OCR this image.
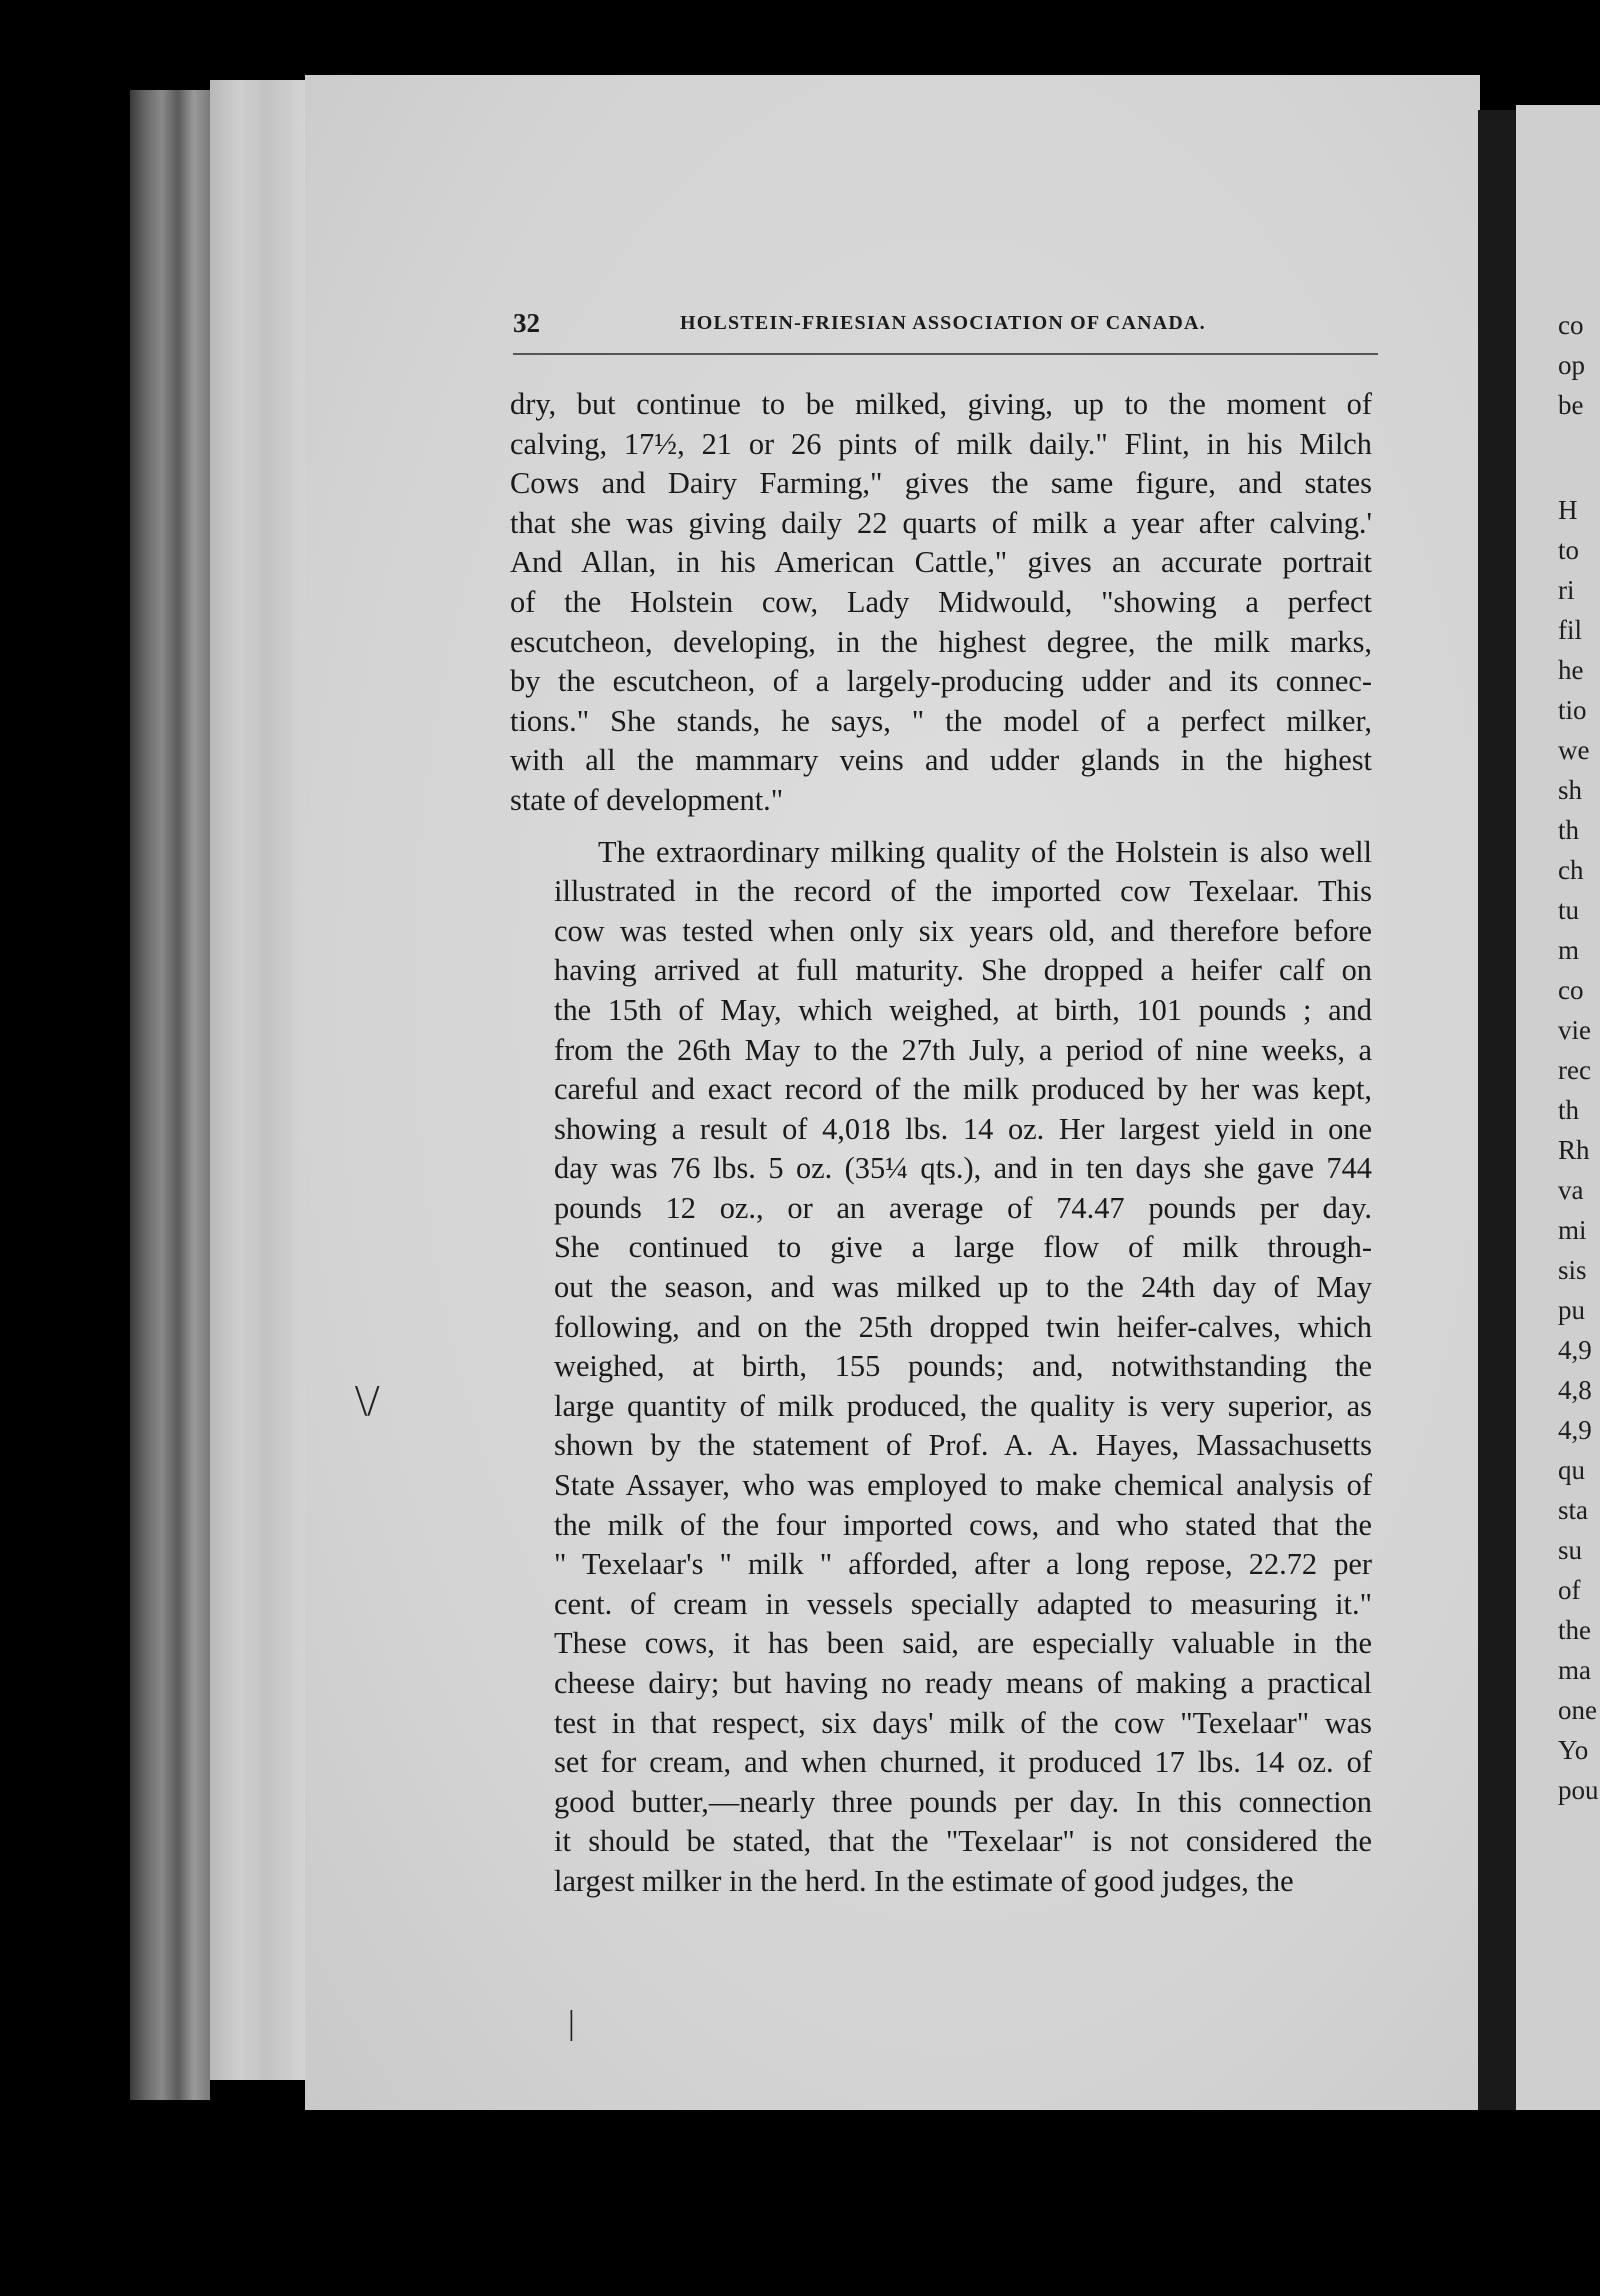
co
op
be
H
to
ri
fil
he
tio
we
sh
th
ch
tu
m
co
vie
rec
th
Rh
va
mi
sis
pu
4,9
4,8
4,9
qu
sta
su
of
the
ma
one
Yo
pou
32	HOLSTEIN-FRIESIAN ASSOCIATION OF CANADA.
dry, but continue to be milked, giving, up to the moment of
calving, 17½, 21 or 26 pints of milk daily." Flint, in his Milch
Cows and Dairy Farming," gives the same figure, and states
that she was giving daily 22 quarts of milk a year after calving.'
And Allan, in his American Cattle," gives an accurate portrait
of the Holstein cow, Lady Midwould, "showing a perfect
escutcheon, developing, in the highest degree, the milk marks,
by the escutcheon, of a largely-producing udder and its connec-
tions." She stands, he says, " the model of a perfect milker,
with all the mammary veins and udder glands in the highest
state of development."
The extraordinary milking quality of the Holstein is also well
illustrated in the record of the imported cow Texelaar. This
cow was tested when only six years old, and therefore before
having arrived at full maturity. She dropped a heifer calf on
the 15th of May, which weighed, at birth, 101 pounds ; and
from the 26th May to the 27th July, a period of nine weeks, a
careful and exact record of the milk produced by her was kept,
showing a result of 4,018 lbs. 14 oz. Her largest yield in one
day was 76 lbs. 5 oz. (35¼ qts.), and in ten days she gave 744
pounds 12 oz., or an average of 74.47 pounds per day.
She continued to give a large flow of milk through-
out the season, and was milked up to the 24th day of May
following, and on the 25th dropped twin heifer-calves, which
weighed, at birth, 155 pounds; and, notwithstanding the
large quantity of milk produced, the quality is very superior, as
shown by the statement of Prof. A. A. Hayes, Massachusetts
State Assayer, who was employed to make chemical analysis of
the milk of the four imported cows, and who stated that the
" Texelaar's " milk " afforded, after a long repose, 22.72 per
cent. of cream in vessels specially adapted to measuring it."
These cows, it has been said, are especially valuable in the
cheese dairy; but having no ready means of making a practical
test in that respect, six days' milk of the cow "Texelaar" was
set for cream, and when churned, it produced 17 lbs. 14 oz. of
good butter,—nearly three pounds per day. In this connection
it should be stated, that the "Texelaar" is not considered the
largest milker in the herd. In the estimate of good judges, the
\/
|
